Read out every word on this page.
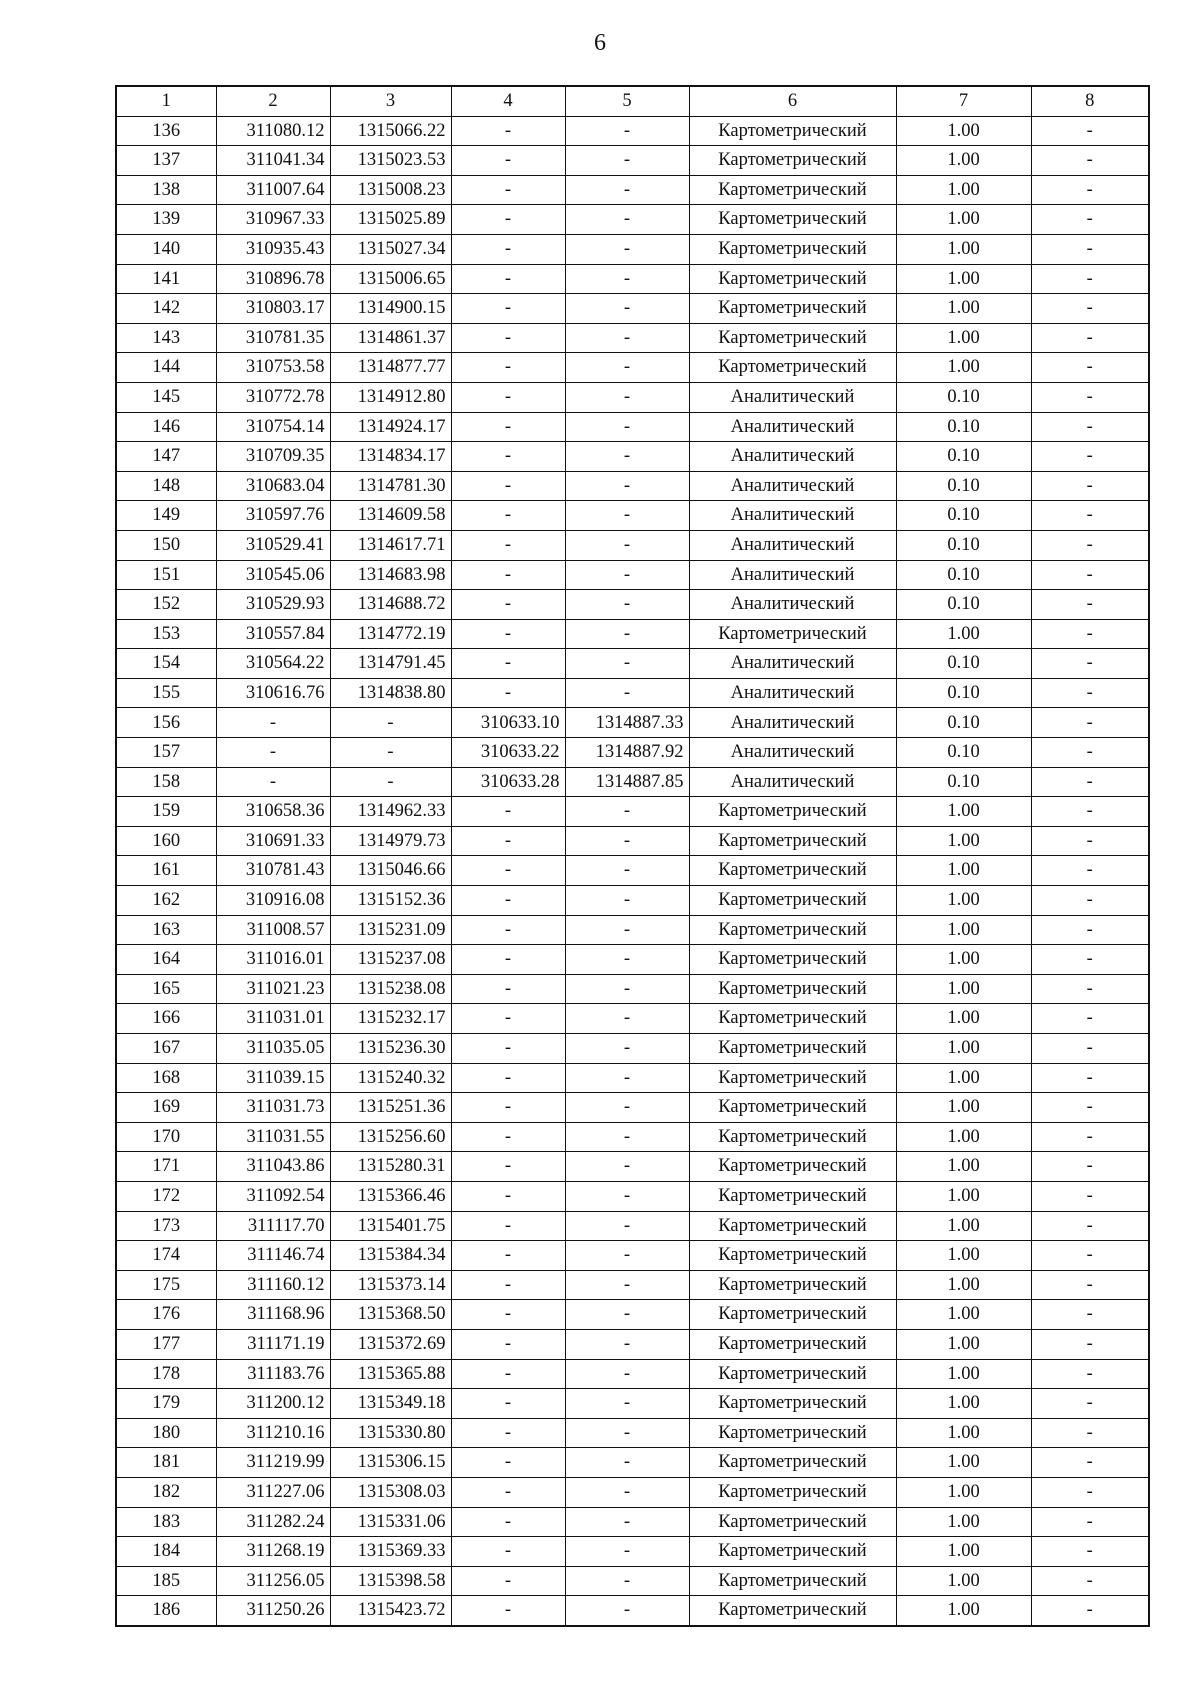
6
1	2	3	4	5	6	7	8
136	311080.12	1315066.22	-	-	Картометрический	1.00	-
137	311041.34	1315023.53	-	-	Картометрический	1.00	-
138	311007.64	1315008.23	-	-	Картометрический	1.00	-
139	310967.33	1315025.89	-	-	Картометрический	1.00	-
140	310935.43	1315027.34	-	-	Картометрический	1.00	-
141	310896.78	1315006.65	-	-	Картометрический	1.00	-
142	310803.17	1314900.15	-	-	Картометрический	1.00	-
143	310781.35	1314861.37	-	-	Картометрический	1.00	-
144	310753.58	1314877.77	-	-	Картометрический	1.00	-
145	310772.78	1314912.80	-	-	Аналитический	0.10	-
146	310754.14	1314924.17	-	-	Аналитический	0.10	-
147	310709.35	1314834.17	-	-	Аналитический	0.10	-
148	310683.04	1314781.30	-	-	Аналитический	0.10	-
149	310597.76	1314609.58	-	-	Аналитический	0.10	-
150	310529.41	1314617.71	-	-	Аналитический	0.10	-
151	310545.06	1314683.98	-	-	Аналитический	0.10	-
152	310529.93	1314688.72	-	-	Аналитический	0.10	-
153	310557.84	1314772.19	-	-	Картометрический	1.00	-
154	310564.22	1314791.45	-	-	Аналитический	0.10	-
155	310616.76	1314838.80	-	-	Аналитический	0.10	-
156	-	-	310633.10	1314887.33	Аналитический	0.10	-
157	-	-	310633.22	1314887.92	Аналитический	0.10	-
158	-	-	310633.28	1314887.85	Аналитический	0.10	-
159	310658.36	1314962.33	-	-	Картометрический	1.00	-
160	310691.33	1314979.73	-	-	Картометрический	1.00	-
161	310781.43	1315046.66	-	-	Картометрический	1.00	-
162	310916.08	1315152.36	-	-	Картометрический	1.00	-
163	311008.57	1315231.09	-	-	Картометрический	1.00	-
164	311016.01	1315237.08	-	-	Картометрический	1.00	-
165	311021.23	1315238.08	-	-	Картометрический	1.00	-
166	311031.01	1315232.17	-	-	Картометрический	1.00	-
167	311035.05	1315236.30	-	-	Картометрический	1.00	-
168	311039.15	1315240.32	-	-	Картометрический	1.00	-
169	311031.73	1315251.36	-	-	Картометрический	1.00	-
170	311031.55	1315256.60	-	-	Картометрический	1.00	-
171	311043.86	1315280.31	-	-	Картометрический	1.00	-
172	311092.54	1315366.46	-	-	Картометрический	1.00	-
173	311117.70	1315401.75	-	-	Картометрический	1.00	-
174	311146.74	1315384.34	-	-	Картометрический	1.00	-
175	311160.12	1315373.14	-	-	Картометрический	1.00	-
176	311168.96	1315368.50	-	-	Картометрический	1.00	-
177	311171.19	1315372.69	-	-	Картометрический	1.00	-
178	311183.76	1315365.88	-	-	Картометрический	1.00	-
179	311200.12	1315349.18	-	-	Картометрический	1.00	-
180	311210.16	1315330.80	-	-	Картометрический	1.00	-
181	311219.99	1315306.15	-	-	Картометрический	1.00	-
182	311227.06	1315308.03	-	-	Картометрический	1.00	-
183	311282.24	1315331.06	-	-	Картометрический	1.00	-
184	311268.19	1315369.33	-	-	Картометрический	1.00	-
185	311256.05	1315398.58	-	-	Картометрический	1.00	-
186	311250.26	1315423.72	-	-	Картометрический	1.00	-
